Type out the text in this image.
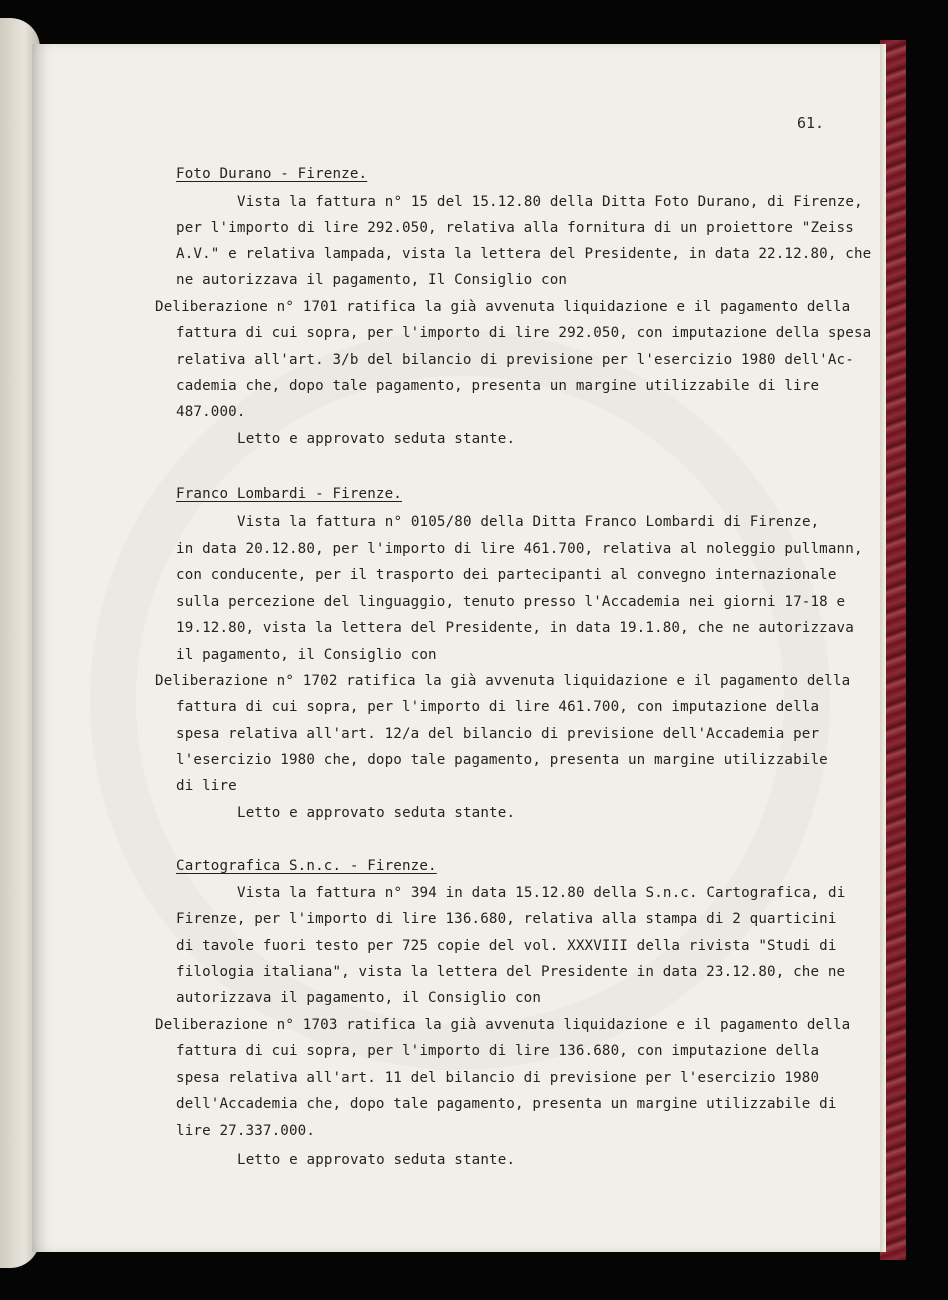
61.
Foto Durano - Firenze.
Vista la fattura n° 15 del 15.12.80 della Ditta Foto Durano, di Firenze,
per l'importo di lire 292.050, relativa alla fornitura di un proiettore "Zeiss
A.V." e relativa lampada, vista la lettera del Presidente, in data 22.12.80, che
ne autorizzava il pagamento, Il Consiglio con
Deliberazione n° 1701 ratifica la già avvenuta liquidazione e il pagamento della
fattura di cui sopra, per l'importo di lire 292.050, con imputazione della spesa
relativa all'art. 3/b del bilancio di previsione per l'esercizio 1980 dell'Ac-
cademia che, dopo tale pagamento, presenta un margine utilizzabile di lire
487.000.
Letto e approvato seduta stante.
Franco Lombardi - Firenze.
Vista la fattura n° 0105/80 della Ditta Franco Lombardi di Firenze,
in data 20.12.80, per l'importo di lire 461.700, relativa al noleggio pullmann,
con conducente, per il trasporto dei partecipanti al convegno internazionale
sulla percezione del linguaggio, tenuto presso l'Accademia nei giorni 17-18 e
19.12.80, vista la lettera del Presidente, in data 19.1.80, che ne autorizzava
il pagamento, il Consiglio con
Deliberazione n° 1702 ratifica la già avvenuta liquidazione e il pagamento della
fattura di cui sopra, per l'importo di lire 461.700, con imputazione della
spesa relativa all'art. 12/a del bilancio di previsione dell'Accademia per
l'esercizio 1980 che, dopo tale pagamento, presenta un margine utilizzabile
di lire
Letto e approvato seduta stante.
Cartografica S.n.c. - Firenze.
Vista la fattura n° 394 in data 15.12.80 della S.n.c. Cartografica, di
Firenze, per l'importo di lire 136.680, relativa alla stampa di 2 quarticini
di tavole fuori testo per 725 copie del vol. XXXVIII della rivista "Studi di
filologia italiana", vista la lettera del Presidente in data 23.12.80, che ne
autorizzava il pagamento, il Consiglio con
Deliberazione n° 1703 ratifica la già avvenuta liquidazione e il pagamento della
fattura di cui sopra, per l'importo di lire 136.680, con imputazione della
spesa relativa all'art. 11 del bilancio di previsione per l'esercizio 1980
dell'Accademia che, dopo tale pagamento, presenta un margine utilizzabile di
lire 27.337.000.
Letto e approvato seduta stante.
